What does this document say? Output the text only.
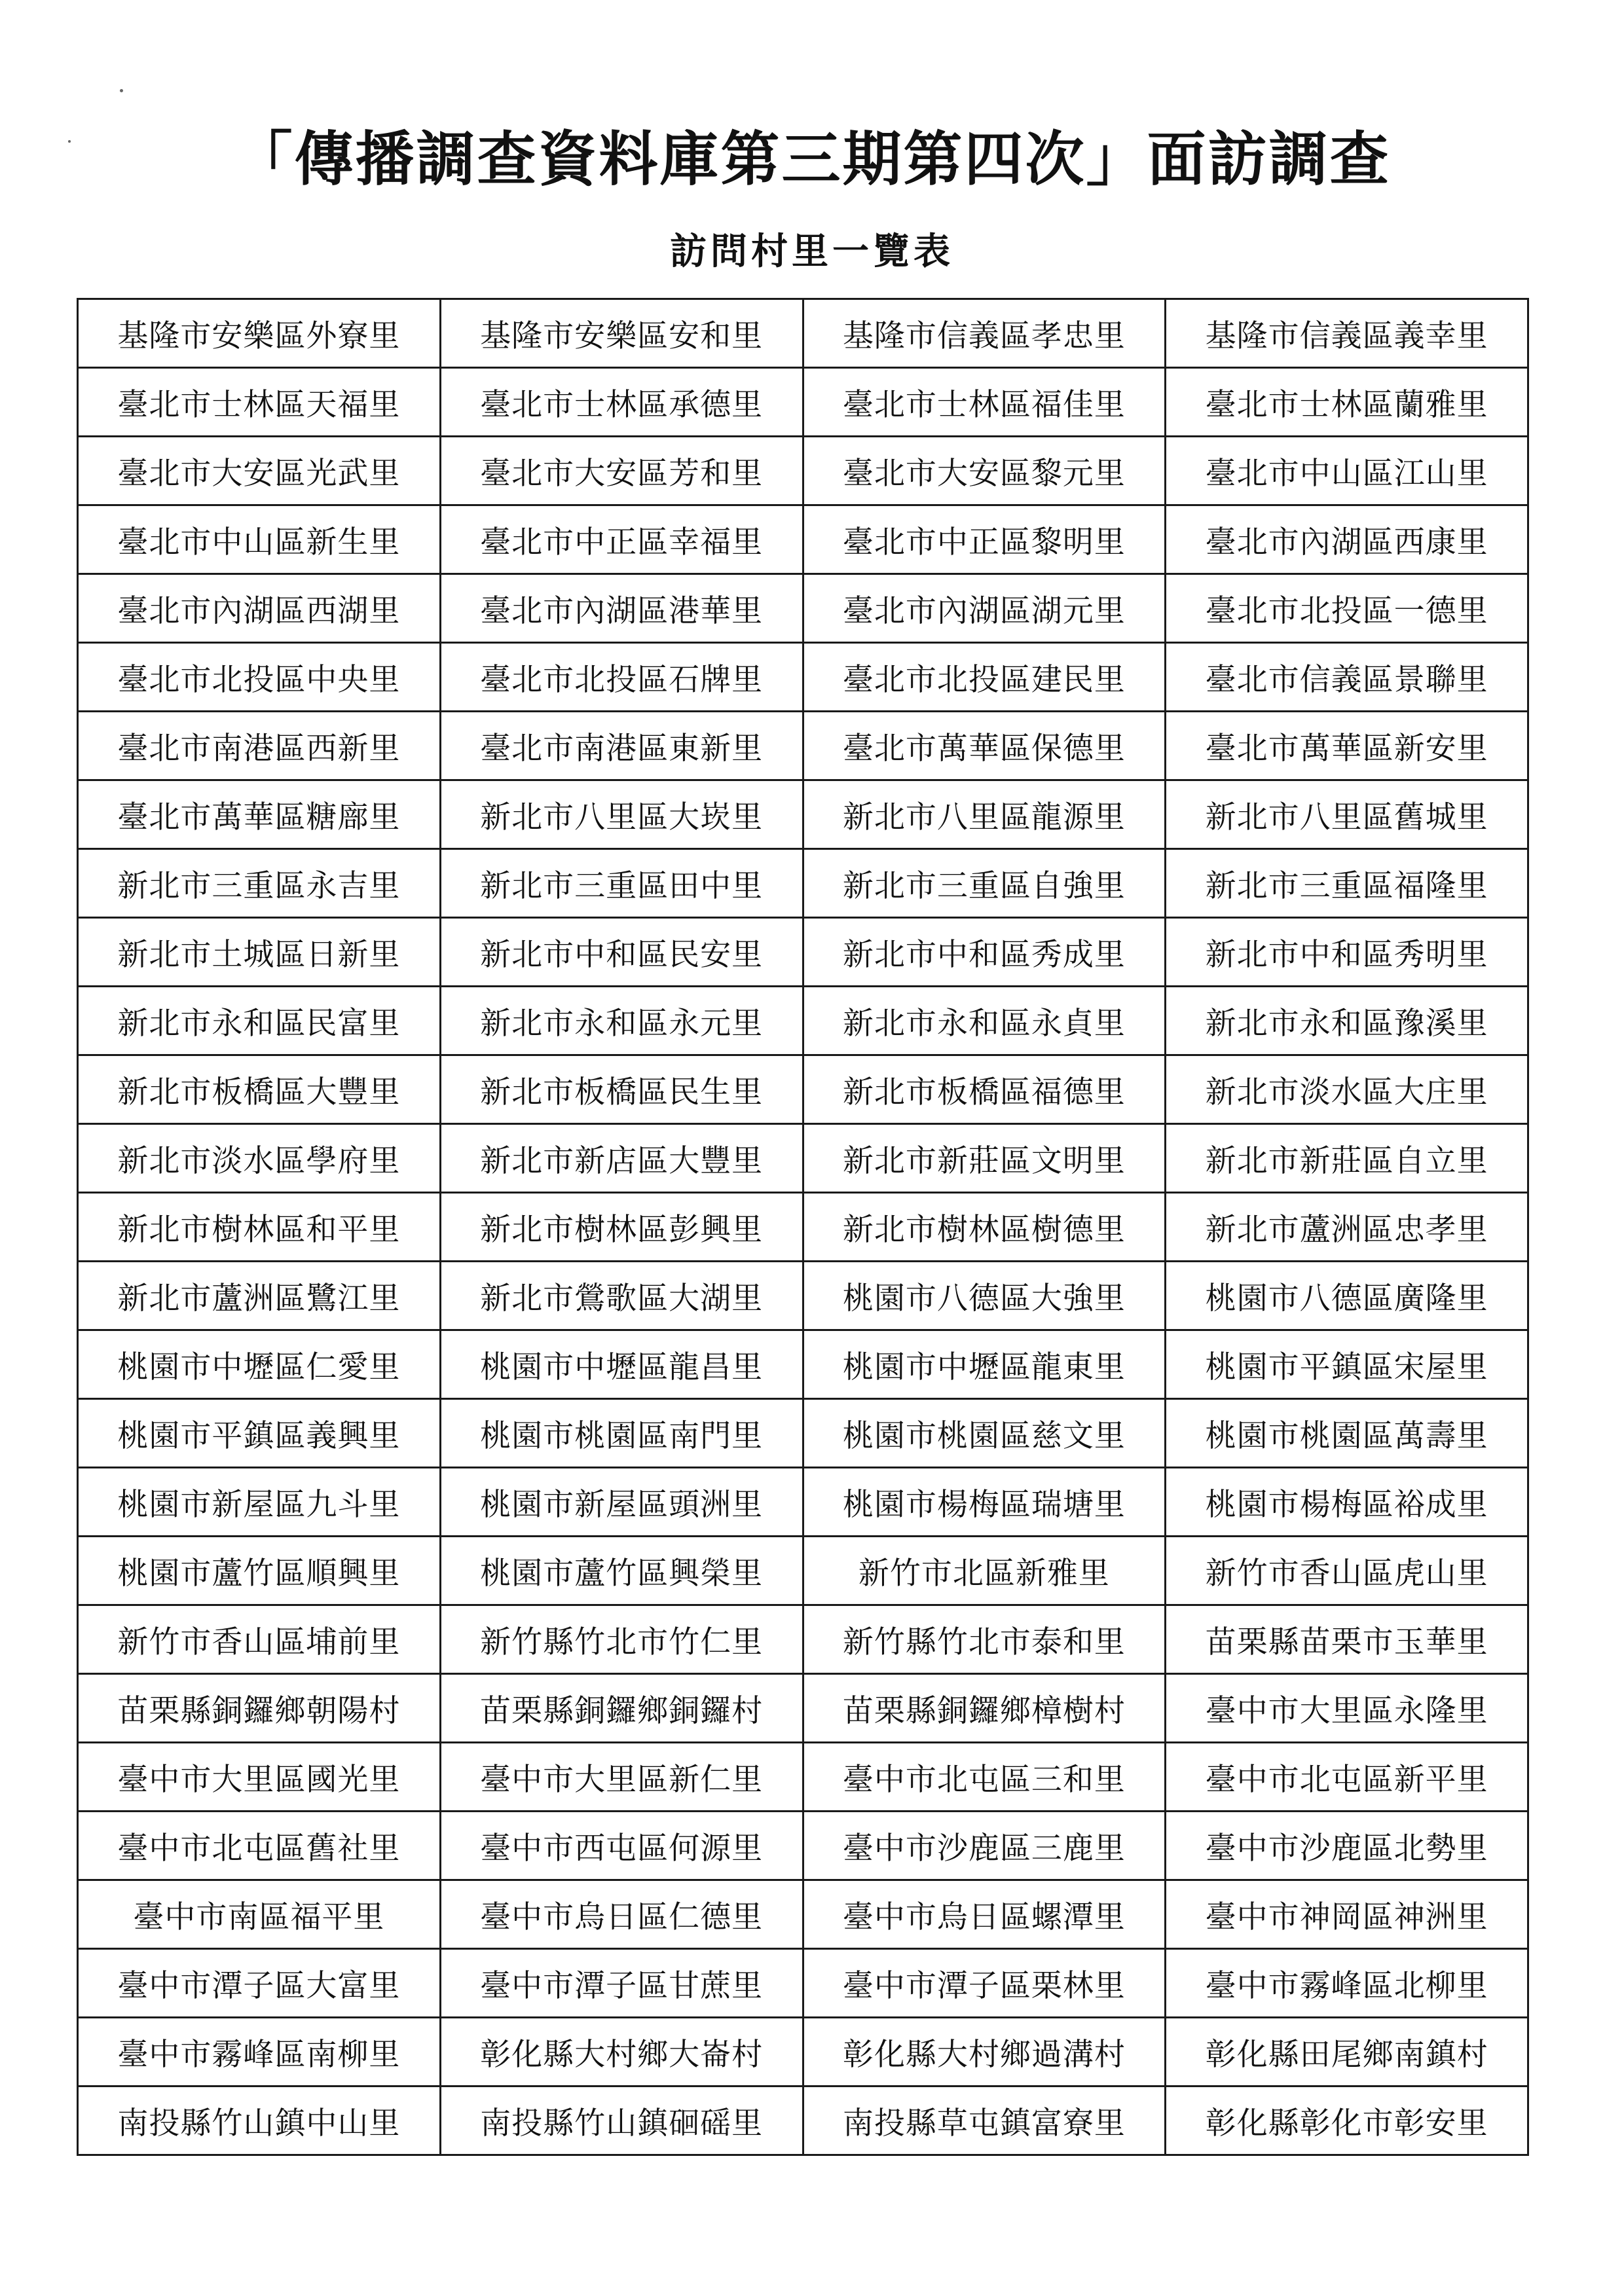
「傳播調查資料庫第三期第四次」面訪調查
訪問村里一覽表
基隆市安樂區外寮里	基隆市安樂區安和里	基隆市信義區孝忠里	基隆市信義區義幸里
臺北市士林區天福里	臺北市士林區承德里	臺北市士林區福佳里	臺北市士林區蘭雅里
臺北市大安區光武里	臺北市大安區芳和里	臺北市大安區黎元里	臺北市中山區江山里
臺北市中山區新生里	臺北市中正區幸福里	臺北市中正區黎明里	臺北市內湖區西康里
臺北市內湖區西湖里	臺北市內湖區港華里	臺北市內湖區湖元里	臺北市北投區一德里
臺北市北投區中央里	臺北市北投區石牌里	臺北市北投區建民里	臺北市信義區景聯里
臺北市南港區西新里	臺北市南港區東新里	臺北市萬華區保德里	臺北市萬華區新安里
臺北市萬華區糖廍里	新北市八里區大崁里	新北市八里區龍源里	新北市八里區舊城里
新北市三重區永吉里	新北市三重區田中里	新北市三重區自強里	新北市三重區福隆里
新北市土城區日新里	新北市中和區民安里	新北市中和區秀成里	新北市中和區秀明里
新北市永和區民富里	新北市永和區永元里	新北市永和區永貞里	新北市永和區豫溪里
新北市板橋區大豐里	新北市板橋區民生里	新北市板橋區福德里	新北市淡水區大庄里
新北市淡水區學府里	新北市新店區大豐里	新北市新莊區文明里	新北市新莊區自立里
新北市樹林區和平里	新北市樹林區彭興里	新北市樹林區樹德里	新北市蘆洲區忠孝里
新北市蘆洲區鷺江里	新北市鶯歌區大湖里	桃園市八德區大強里	桃園市八德區廣隆里
桃園市中壢區仁愛里	桃園市中壢區龍昌里	桃園市中壢區龍東里	桃園市平鎮區宋屋里
桃園市平鎮區義興里	桃園市桃園區南門里	桃園市桃園區慈文里	桃園市桃園區萬壽里
桃園市新屋區九斗里	桃園市新屋區頭洲里	桃園市楊梅區瑞塘里	桃園市楊梅區裕成里
桃園市蘆竹區順興里	桃園市蘆竹區興榮里	新竹市北區新雅里	新竹市香山區虎山里
新竹市香山區埔前里	新竹縣竹北市竹仁里	新竹縣竹北市泰和里	苗栗縣苗栗市玉華里
苗栗縣銅鑼鄉朝陽村	苗栗縣銅鑼鄉銅鑼村	苗栗縣銅鑼鄉樟樹村	臺中市大里區永隆里
臺中市大里區國光里	臺中市大里區新仁里	臺中市北屯區三和里	臺中市北屯區新平里
臺中市北屯區舊社里	臺中市西屯區何源里	臺中市沙鹿區三鹿里	臺中市沙鹿區北勢里
臺中市南區福平里	臺中市烏日區仁德里	臺中市烏日區螺潭里	臺中市神岡區神洲里
臺中市潭子區大富里	臺中市潭子區甘蔗里	臺中市潭子區栗林里	臺中市霧峰區北柳里
臺中市霧峰區南柳里	彰化縣大村鄉大崙村	彰化縣大村鄉過溝村	彰化縣田尾鄉南鎮村
南投縣竹山鎮中山里	南投縣竹山鎮硘磘里	南投縣草屯鎮富寮里	彰化縣彰化市彰安里
